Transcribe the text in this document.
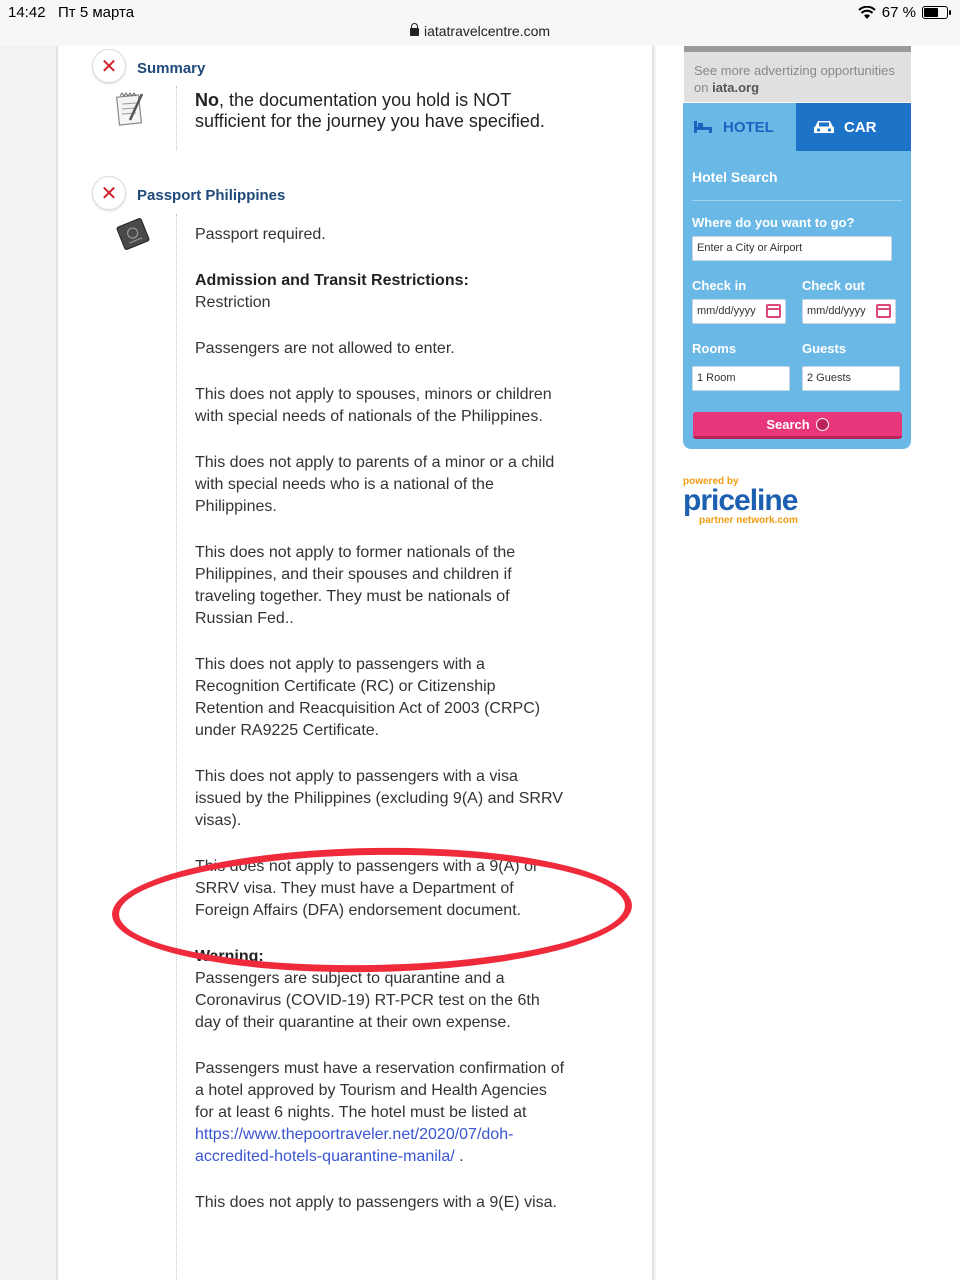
14:42 Пт 5 марта	67 %
iatatravelcentre.com
✕	Summary
No, the documentation you hold is NOT sufficient for the journey you have specified.
✕	Passport Philippines

Passport required.

Admission and Transit Restrictions:

Restriction

Passengers are not allowed to enter.

This does not apply to spouses, minors or children with special needs of nationals of the Philippines.

This does not apply to parents of a minor or a child with special needs who is a national of the Philippines.

This does not apply to former nationals of the Philippines, and their spouses and children if traveling together. They must be nationals of Russian Fed..

This does not apply to passengers with a Recognition Certificate (RC) or Citizenship Retention and Reacquisition Act of 2003 (CRPC) under RA9225 Certificate.

This does not apply to passengers with a visa issued by the Philippines (excluding 9(A) and SRRV visas).

This does not apply to passengers with a 9(A) or SRRV visa. They must have a Department of Foreign Affairs (DFA) endorsement document.

Warning:

Passengers are subject to quarantine and a Coronavirus (COVID-19) RT-PCR test on the 6th day of their quarantine at their own expense.

Passengers must have a reservation confirmation of a hotel approved by Tourism and Health Agencies for at least 6 nights. The hotel must be listed at https://www.thepoortraveler.net/2020/07/doh-accredited-hotels-quarantine-manila/ .

This does not apply to passengers with a 9(E) visa.

See more advertizing opportunities on iata.org
HOTEL	CAR
Hotel Search
Where do you want to go?
Enter a City or Airport
Check in	Check out
mm/dd/yyyy	mm/dd/yyyy
Rooms	Guests
1 Room	2 Guests
Search
powered by
priceline
partner network.com
